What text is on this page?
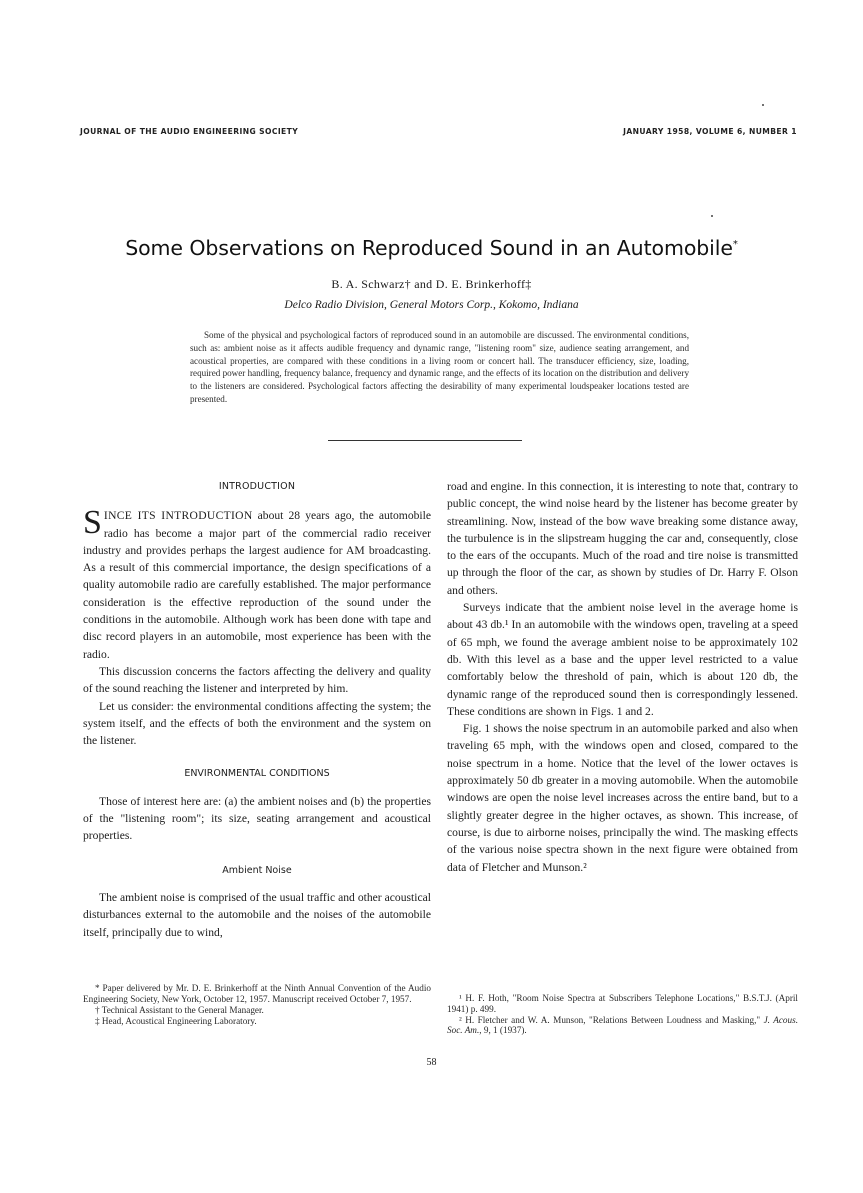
JOURNAL OF THE AUDIO ENGINEERING SOCIETY	JANUARY 1958, VOLUME 6, NUMBER 1
Some Observations on Reproduced Sound in an Automobile*
B. A. Schwarz† and D. E. Brinkerhoff‡
Delco Radio Division, General Motors Corp., Kokomo, Indiana
Some of the physical and psychological factors of reproduced sound in an automobile are discussed. The environmental conditions, such as: ambient noise as it affects audible frequency and dynamic range, "listening room" size, audience seating arrangement, and acoustical properties, are compared with these conditions in a living room or concert hall. The transducer efficiency, size, loading, required power handling, frequency balance, frequency and dynamic range, and the effects of its location on the distribution and delivery to the listeners are considered. Psychological factors affecting the desirability of many experimental loudspeaker locations tested are presented.
INTRODUCTION

SINCE ITS INTRODUCTION about 28 years ago, the automobile radio has become a major part of the commercial radio receiver industry and provides perhaps the largest audience for AM broadcasting. As a result of this commercial importance, the design specifications of a quality automobile radio are carefully established. The major performance consideration is the effective reproduction of the sound under the conditions in the automobile. Although work has been done with tape and disc record players in an automobile, most experience has been with the radio.

This discussion concerns the factors affecting the delivery and quality of the sound reaching the listener and interpreted by him.

Let us consider: the environmental conditions affecting the system; the system itself, and the effects of both the environment and the system on the listener.

ENVIRONMENTAL CONDITIONS

Those of interest here are: (a) the ambient noises and (b) the properties of the "listening room"; its size, seating arrangement and acoustical properties.

Ambient Noise

The ambient noise is comprised of the usual traffic and other acoustical disturbances external to the automobile and the noises of the automobile itself, principally due to wind,

road and engine. In this connection, it is interesting to note that, contrary to public concept, the wind noise heard by the listener has become greater by streamlining. Now, instead of the bow wave breaking some distance away, the turbulence is in the slipstream hugging the car and, consequently, close to the ears of the occupants. Much of the road and tire noise is transmitted up through the floor of the car, as shown by studies of Dr. Harry F. Olson and others.

Surveys indicate that the ambient noise level in the average home is about 43 db.¹ In an automobile with the windows open, traveling at a speed of 65 mph, we found the average ambient noise to be approximately 102 db. With this level as a base and the upper level restricted to a value comfortably below the threshold of pain, which is about 120 db, the dynamic range of the reproduced sound then is correspondingly lessened. These conditions are shown in Figs. 1 and 2.

Fig. 1 shows the noise spectrum in an automobile parked and also when traveling 65 mph, with the windows open and closed, compared to the noise spectrum in a home. Notice that the level of the lower octaves is approximately 50 db greater in a moving automobile. When the automobile windows are open the noise level increases across the entire band, but to a slightly greater degree in the higher octaves, as shown. This increase, of course, is due to airborne noises, principally the wind. The masking effects of the various noise spectra shown in the next figure were obtained from data of Fletcher and Munson.²

* Paper delivered by Mr. D. E. Brinkerhoff at the Ninth Annual Convention of the Audio Engineering Society, New York, October 12, 1957. Manuscript received October 7, 1957.

† Technical Assistant to the General Manager.

‡ Head, Acoustical Engineering Laboratory.

¹ H. F. Hoth, "Room Noise Spectra at Subscribers Telephone Locations," B.S.T.J. (April 1941) p. 499.

² H. Fletcher and W. A. Munson, "Relations Between Loudness and Masking," J. Acous. Soc. Am., 9, 1 (1937).

58
